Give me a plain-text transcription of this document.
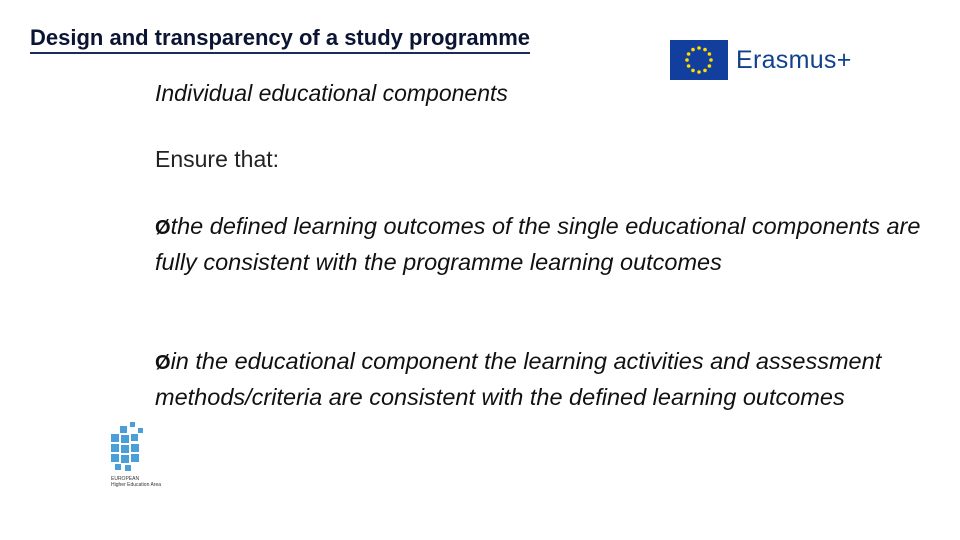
Design and transparency of a study programme
Erasmus+
Individual educational components
Ensure that:
Øthe defined learning outcomes of the single educational components are fully consistent with the programme learning outcomes
Øin the educational component the learning activities and assessment methods/criteria are consistent with the defined learning outcomes
EUROPEAN
Higher Education Area
